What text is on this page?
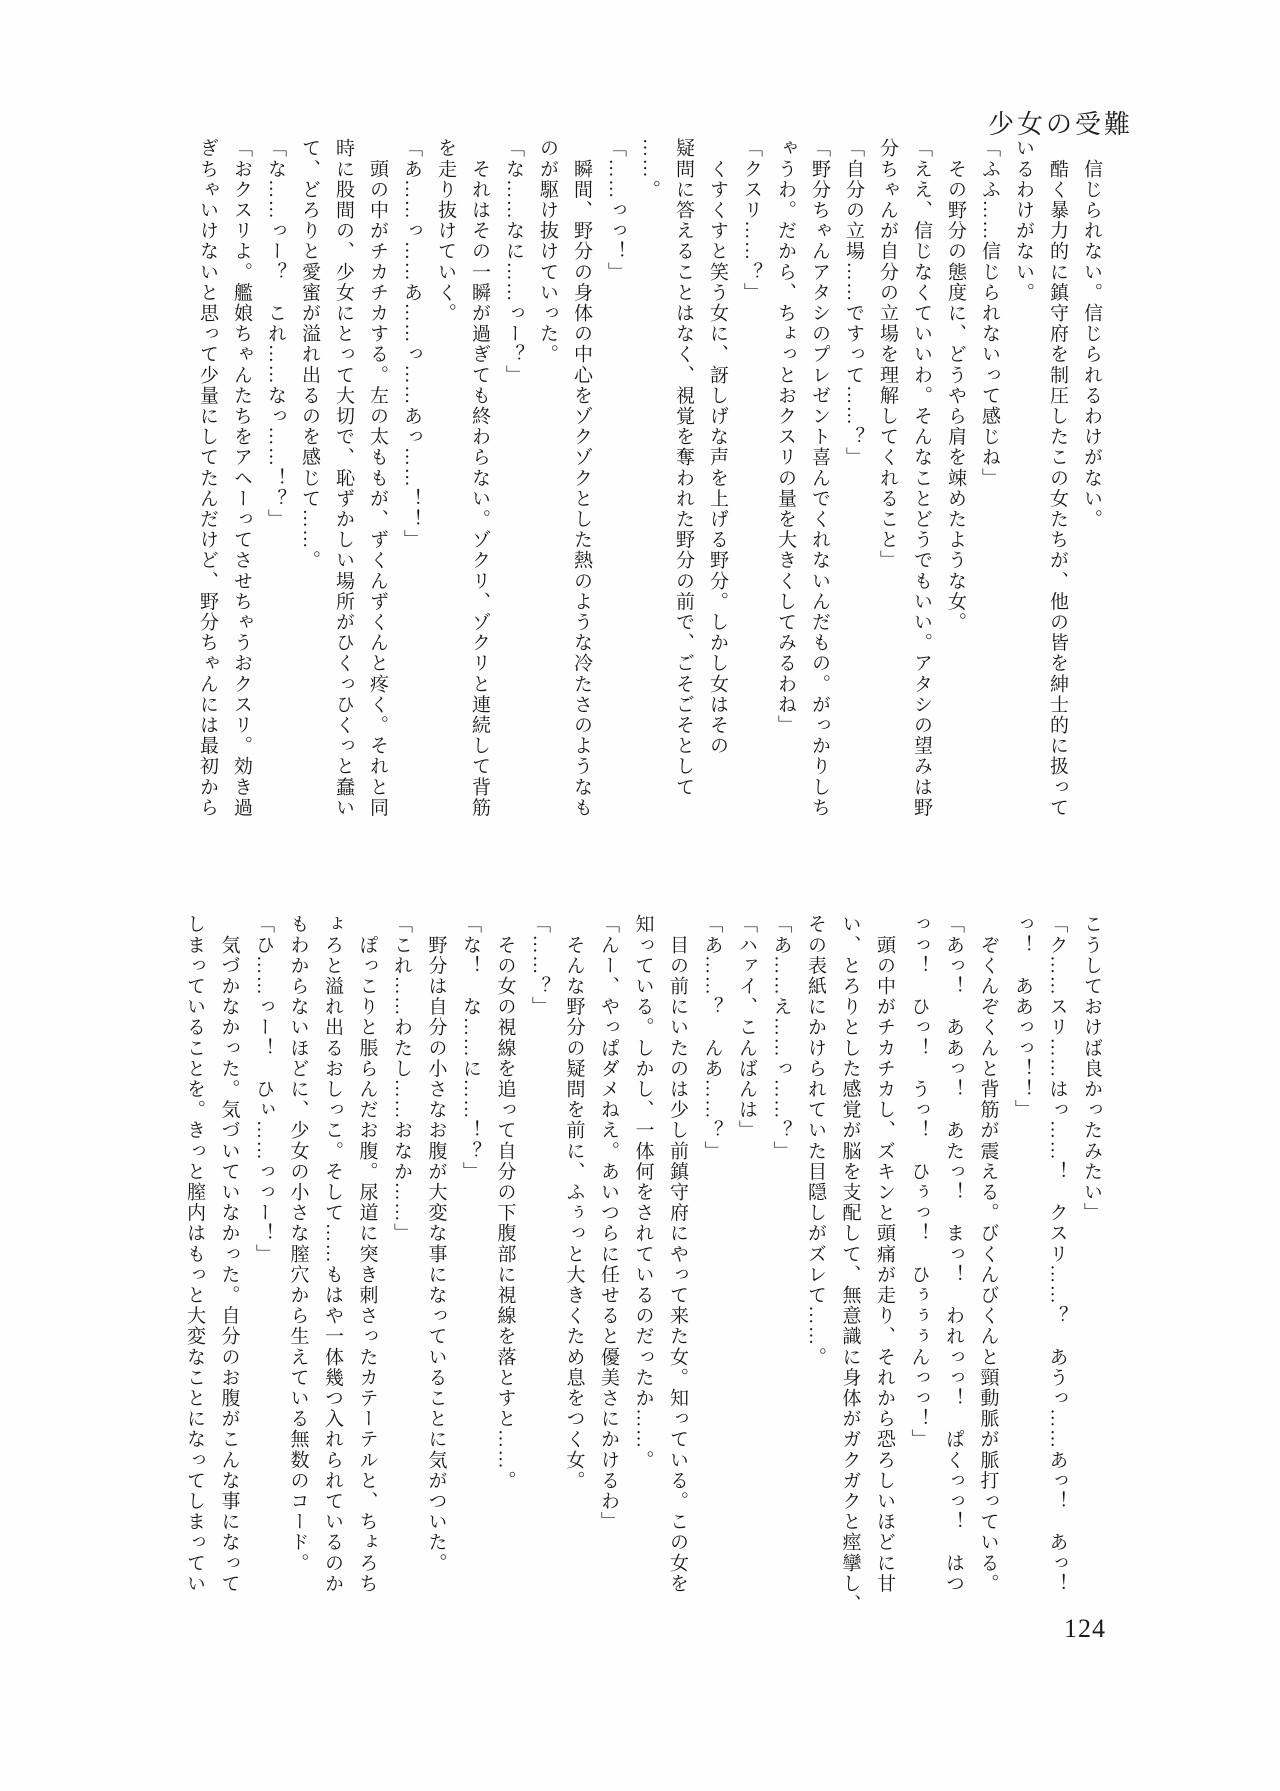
少女の受難
　信じられない。信じられるわけがない。
　酷く暴力的に鎮守府を制圧したこの女たちが、他の皆を紳士的に扱って
いるわけがない。
「ふふ……信じられないって感じね」
　その野分の態度に、どうやら肩を竦めたような女。
「ええ、信じなくていいわ。そんなことどうでもいい。アタシの望みは野
分ちゃんが自分の立場を理解してくれること」
「自分の立場……ですって……？」
「野分ちゃんアタシのプレゼント喜んでくれないんだもの。がっかりしち
ゃうわ。だから、ちょっとおクスリの量を大きくしてみるわね」
「クスリ……？」
　くすくすと笑う女に、訝しげな声を上げる野分。しかし女はその
疑問に答えることはなく、視覚を奪われた野分の前で、ごそごそとして
……。
「……っっ！」
　瞬間、野分の身体の中心をゾクゾクとした熱のような冷たさのようなも
のが駆け抜けていった。
「な……なに……っー？」
　それはその一瞬が過ぎても終わらない。ゾクリ、ゾクリと連続して背筋
を走り抜けていく。
「あ……っ……あ……っ……あっ……！！」
　頭の中がチカチカする。左の太ももが、ずくんずくんと疼く。それと同
時に股間の、少女にとって大切で、恥ずかしい場所がひくっひくっと蠢い
て、どろりと愛蜜が溢れ出るのを感じて……。
「な……っー？　これ……なっ……！？」
「おクスリよ。艦娘ちゃんたちをアヘーってさせちゃうおクスリ。効き過
ぎちゃいけないと思って少量にしてたんだけど、野分ちゃんには最初から
こうしておけば良かったみたい」
「ク……スリ……はっ……！　クスリ……？　あうっ……あっ！　あっ！
っ！　ああっっ！！」
　ぞくんぞくんと背筋が震える。びくんびくんと頸動脈が脈打っている。
「あっ！　ああっ！　あたっ！　まっ！　われっっ！　ぱくっっ！　はつ
っっ！　ひっ！　うっ！　ひぅっ！　ひぅぅぅんっっ！」
　頭の中がチカチカし、ズキンと頭痛が走り、それから恐ろしいほどに甘
い、とろりとした感覚が脳を支配して、無意識に身体がガクガクと痙攣し、
その表紙にかけられていた目隠しがズレて……。
「あ……え……っ……？」
「ハァイ、こんばんは」
「あ……？　んあ……？」
　目の前にいたのは少し前鎮守府にやって来た女。知っている。この女を
知っている。しかし、一体何をされているのだったか……。
「んー、やっぱダメねえ。あいつらに任せると優美さにかけるわ」
　そんな野分の疑問を前に、ふぅっと大きくため息をつく女。
「……？」
　その女の視線を追って自分の下腹部に視線を落とすと……。
「な！　な……に……！？」
　野分は自分の小さなお腹が大変な事になっていることに気がついた。
「これ……わたし……おなか……」
　ぽっこりと脹らんだお腹。尿道に突き刺さったカテーテルと、ちょろち
ょろと溢れ出るおしっこ。そして……もはや一体幾つ入れられているのか
もわからないほどに、少女の小さな膣穴から生えている無数のコード。
「ひ……っー！　ひぃ……っっー！」
　気づかなかった。気づいていなかった。自分のお腹がこんな事になって
しまっていることを。きっと膣内はもっと大変なことになってしまってい
124
